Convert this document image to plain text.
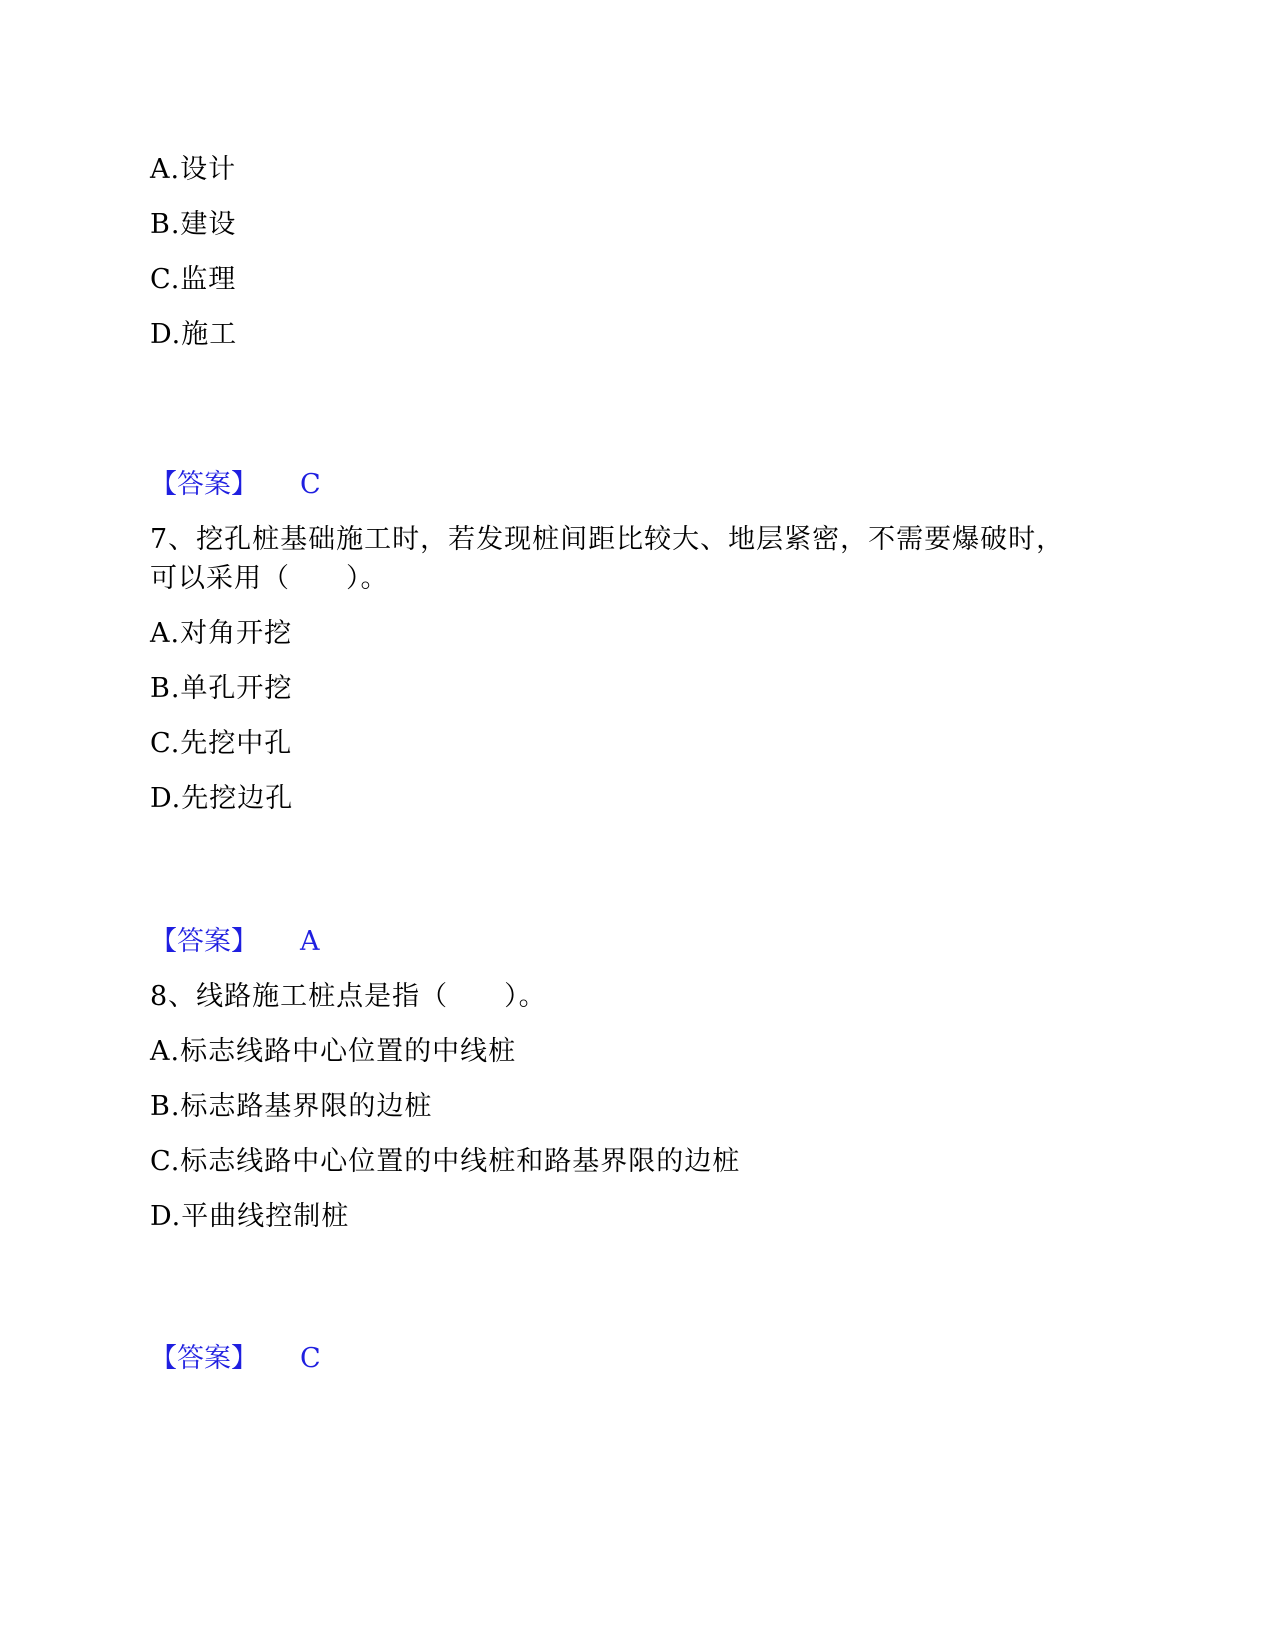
A.设计
B.建设
C.监理
D.施工
【答案】 C
7、挖孔桩基础施工时，若发现桩间距比较大、地层紧密，不需要爆破时，
可以采用（　　）。
A.对角开挖
B.单孔开挖
C.先挖中孔
D.先挖边孔
【答案】 A
8、线路施工桩点是指（　　）。
A.标志线路中心位置的中线桩
B.标志路基界限的边桩
C.标志线路中心位置的中线桩和路基界限的边桩
D.平曲线控制桩
【答案】 C
